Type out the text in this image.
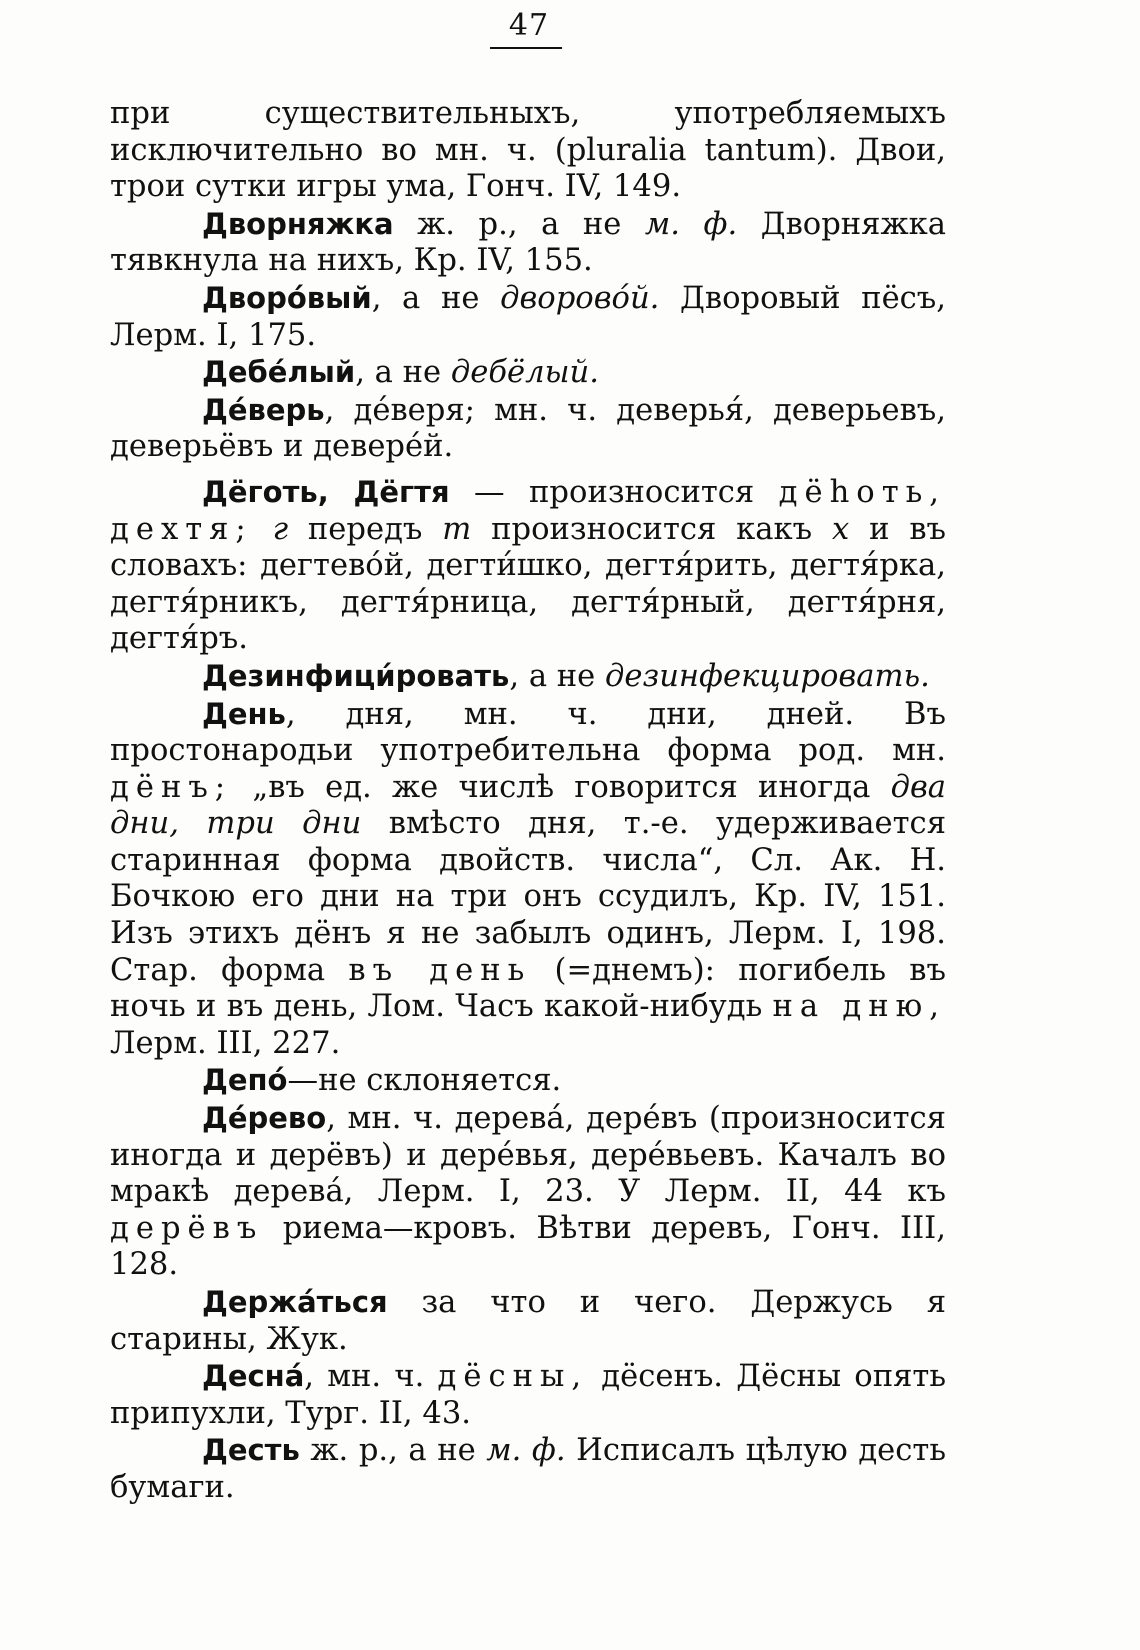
47

при существительныхъ, употребляемыхъ исключительно во мн. ч. (pluralia tantum). Двои, трои сутки игры ума, Гонч. IV, 149.

Дворняжка ж. р., а не м. ф. Дворняжка тявкнула на нихъ, Кр. IV, 155.

Дворóвый, а не дворовóй. Дворовый пёсъ, Лерм. I, 175.

Дебéлый, а не дебёлый.

Дéверь, дéверя; мн. ч. деверья́, деверьевъ, деверьёвъ и деверéй.

Дёготь, Дёгтя — произносится дёhоть, дехтя; г передъ т произносится какъ х и въ словахъ: дегтевóй, дегти́шко, дегтя́рить, дегтя́рка, дегтя́рникъ, дегтя́рница, дегтя́рный, дегтя́рня, дегтя́ръ.

Дезинфици́ровать, а не дезинфекцировать.

День, дня, мн. ч. дни, дней. Въ простонародьи употребительна форма род. мн. дёнъ; „въ ед. же числѣ говорится иногда два дни, три дни вмѣсто дня, т.-е. удерживается старинная форма двойств. числа“, Сл. Ак. Н. Бочкою его дни на три онъ ссудилъ, Кр. IV, 151. Изъ этихъ дёнъ я не забылъ одинъ, Лерм. I, 198. Стар. форма въ день (=днемъ): погибель въ ночь и въ день, Лом. Часъ какой-нибудь на дню, Лерм. III, 227.

Депó—не склоняется.

Дéрево, мн. ч. деревá, дерéвъ (произносится иногда и дерёвъ) и дерéвья, дерéвьевъ. Качалъ во мракѣ деревá, Лерм. I, 23. У Лерм. II, 44 къ дерёвъ риема—кровъ. Вѣтви деревъ, Гонч. III, 128.

Держáться за что и чего. Держусь я старины, Жук.

Деснá, мн. ч. дёсны, дёсенъ. Дёсны опять припухли, Тург. II, 43.

Десть ж. р., а не м. ф. Исписалъ цѣлую десть бумаги.
